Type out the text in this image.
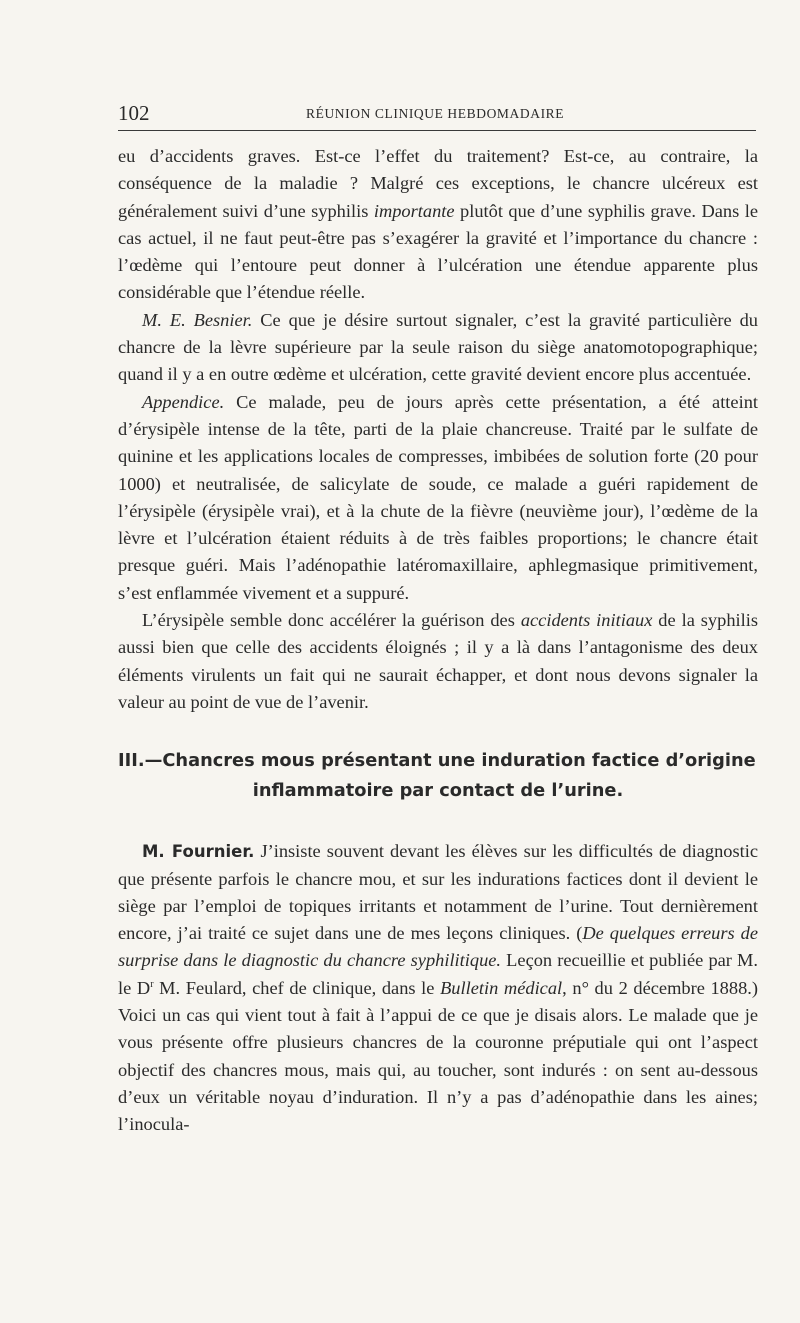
102	RÉUNION CLINIQUE HEBDOMADAIRE

eu d’accidents graves. Est-ce l’effet du traitement? Est-ce, au contraire, la conséquence de la maladie ? Malgré ces exceptions, le chancre ulcéreux est généralement suivi d’une syphilis importante plutôt que d’une syphilis grave. Dans le cas actuel, il ne faut peut-être pas s’exagérer la gravité et l’importance du chancre : l’œdème qui l’entoure peut donner à l’ulcération une étendue apparente plus considérable que l’étendue réelle.

M. E. Besnier. Ce que je désire surtout signaler, c’est la gravité particulière du chancre de la lèvre supérieure par la seule raison du siège anatomotopographique; quand il y a en outre œdème et ulcération, cette gravité devient encore plus accentuée.

Appendice. Ce malade, peu de jours après cette présentation, a été atteint d’érysipèle intense de la tête, parti de la plaie chancreuse. Traité par le sulfate de quinine et les applications locales de compresses, imbibées de solution forte (20 pour 1000) et neutralisée, de salicylate de soude, ce malade a guéri rapidement de l’érysipèle (érysipèle vrai), et à la chute de la fièvre (neuvième jour), l’œdème de la lèvre et l’ulcération étaient réduits à de très faibles proportions; le chancre était presque guéri. Mais l’adénopathie latéromaxillaire, aphlegmasique primitivement, s’est enflammée vivement et a suppuré.

L’érysipèle semble donc accélérer la guérison des accidents initiaux de la syphilis aussi bien que celle des accidents éloignés ; il y a là dans l’antagonisme des deux éléments virulents un fait qui ne saurait échapper, et dont nous devons signaler la valeur au point de vue de l’avenir.

III.—Chancres mous présentant une induration factice d’origine
inflammatoire par contact de l’urine.

M. Fournier. J’insiste souvent devant les élèves sur les difficultés de diagnostic que présente parfois le chancre mou, et sur les indurations factices dont il devient le siège par l’emploi de topiques irritants et notamment de l’urine. Tout dernièrement encore, j’ai traité ce sujet dans une de mes leçons cliniques. (De quelques erreurs de surprise dans le diagnostic du chancre syphilitique. Leçon recueillie et publiée par M. le $D^r$ M. Feulard, chef de clinique, dans le Bulletin médical, n° du 2 décembre 1888.) Voici un cas qui vient tout à fait à l’appui de ce que je disais alors. Le malade que je vous présente offre plusieurs chancres de la couronne préputiale qui ont l’aspect objectif des chancres mous, mais qui, au toucher, sont indurés : on sent au-dessous d’eux un véritable noyau d’induration. Il n’y a pas d’adénopathie dans les aines; l’inocula-
